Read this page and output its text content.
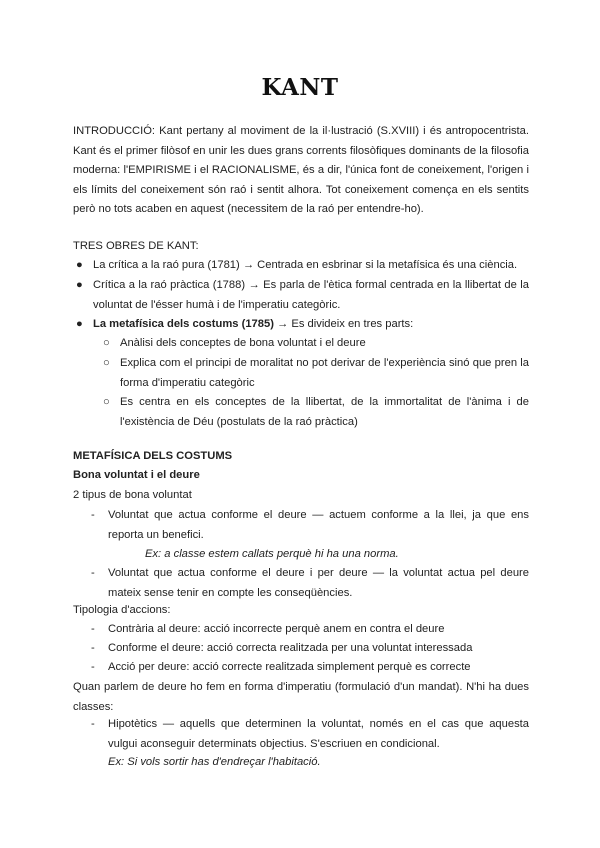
KANT
INTRODUCCIÓ: Kant pertany al moviment de la il·lustració (S.XVIII) i és antropocentrista. Kant és el primer filòsof en unir les dues grans corrents filosòfiques dominants de la filosofia moderna: l'EMPIRISME i el RACIONALISME, és a dir, l'única font de coneixement, l'origen i els límits del coneixement són raó i sentit alhora. Tot coneixement comença en els sentits però no tots acaben en aquest (necessitem de la raó per entendre-ho).
TRES OBRES DE KANT:
● La crítica a la raó pura (1781) → Centrada en esbrinar si la metafísica és una ciència.
● Crítica a la raó pràctica (1788) → Es parla de l'ètica formal centrada en la llibertat de la voluntat de l'ésser humà i de l'imperatiu categòric.
● La metafísica dels costums (1785) → Es divideix en tres parts:
○ Anàlisi dels conceptes de bona voluntat i el deure
○ Explica com el principi de moralitat no pot derivar de l'experiència sinó que pren la forma d'imperatiu categòric
○ Es centra en els conceptes de la llibertat, de la immortalitat de l'ànima i de l'existència de Déu (postulats de la raó pràctica)
METAFÍSICA DELS COSTUMS
Bona voluntat i el deure
2 tipus de bona voluntat
- Voluntat que actua conforme el deure — actuem conforme a la llei, ja que ens reporta un benefici.
Ex: a classe estem callats perquè hi ha una norma.
- Voluntat que actua conforme el deure i per deure — la voluntat actua pel deure mateix sense tenir en compte les conseqüències.
Tipologia d'accions:
- Contrària al deure: acció incorrecte perquè anem en contra el deure
- Conforme el deure: acció correcta realitzada per una voluntat interessada
- Acció per deure: acció correcte realitzada simplement perquè es correcte
Quan parlem de deure ho fem en forma d'imperatiu (formulació d'un mandat). N'hi ha dues classes:
- Hipotètics — aquells que determinen la voluntat, només en el cas que aquesta vulgui aconseguir determinats objectius. S'escriuen en condicional.
Ex: Si vols sortir has d'endreçar l'habitació.
